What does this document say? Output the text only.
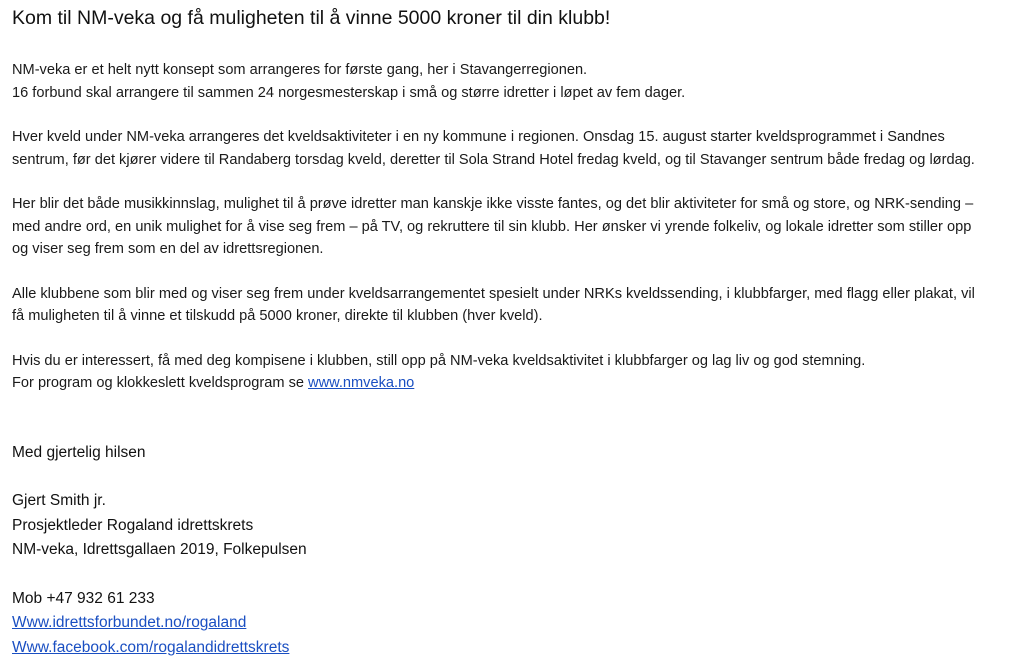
Kom til NM-veka og få muligheten til å vinne 5000 kroner til din klubb!

NM-veka er et helt nytt konsept som arrangeres for første gang, her i Stavangerregionen.
16 forbund skal arrangere til sammen 24 norgesmesterskap i små og større idretter i løpet av fem dager.

Hver kveld under NM-veka arrangeres det kveldsaktiviteter i en ny kommune i regionen. Onsdag 15. august starter kveldsprogrammet i Sandnes
sentrum, før det kjører videre til Randaberg torsdag kveld, deretter til Sola Strand Hotel fredag kveld, og til Stavanger sentrum både fredag og lørdag.

Her blir det både musikkinnslag, mulighet til å prøve idretter man kanskje ikke visste fantes, og det blir aktiviteter for små og store, og NRK-sending –
med andre ord, en unik mulighet for å vise seg frem – på TV, og rekruttere til sin klubb. Her ønsker vi yrende folkeliv, og lokale idretter som stiller opp
og viser seg frem som en del av idrettsregionen.

Alle klubbene som blir med og viser seg frem under kveldsarrangementet spesielt under NRKs kveldssending, i klubbfarger, med flagg eller plakat, vil
få muligheten til å vinne et tilskudd på 5000 kroner, direkte til klubben (hver kveld).

Hvis du er interessert, få med deg kompisene i klubben, still opp på NM-veka kveldsaktivitet i klubbfarger og lag liv og god stemning.
For program og klokkeslett kveldsprogram se www.nmveka.no

Med gjertelig hilsen

Gjert Smith jr.
Prosjektleder Rogaland idrettskrets
NM-veka, Idrettsgallaen 2019, Folkepulsen
Mob +47 932 61 233
Www.idrettsforbundet.no/rogaland
Www.facebook.com/rogalandidrettskrets
